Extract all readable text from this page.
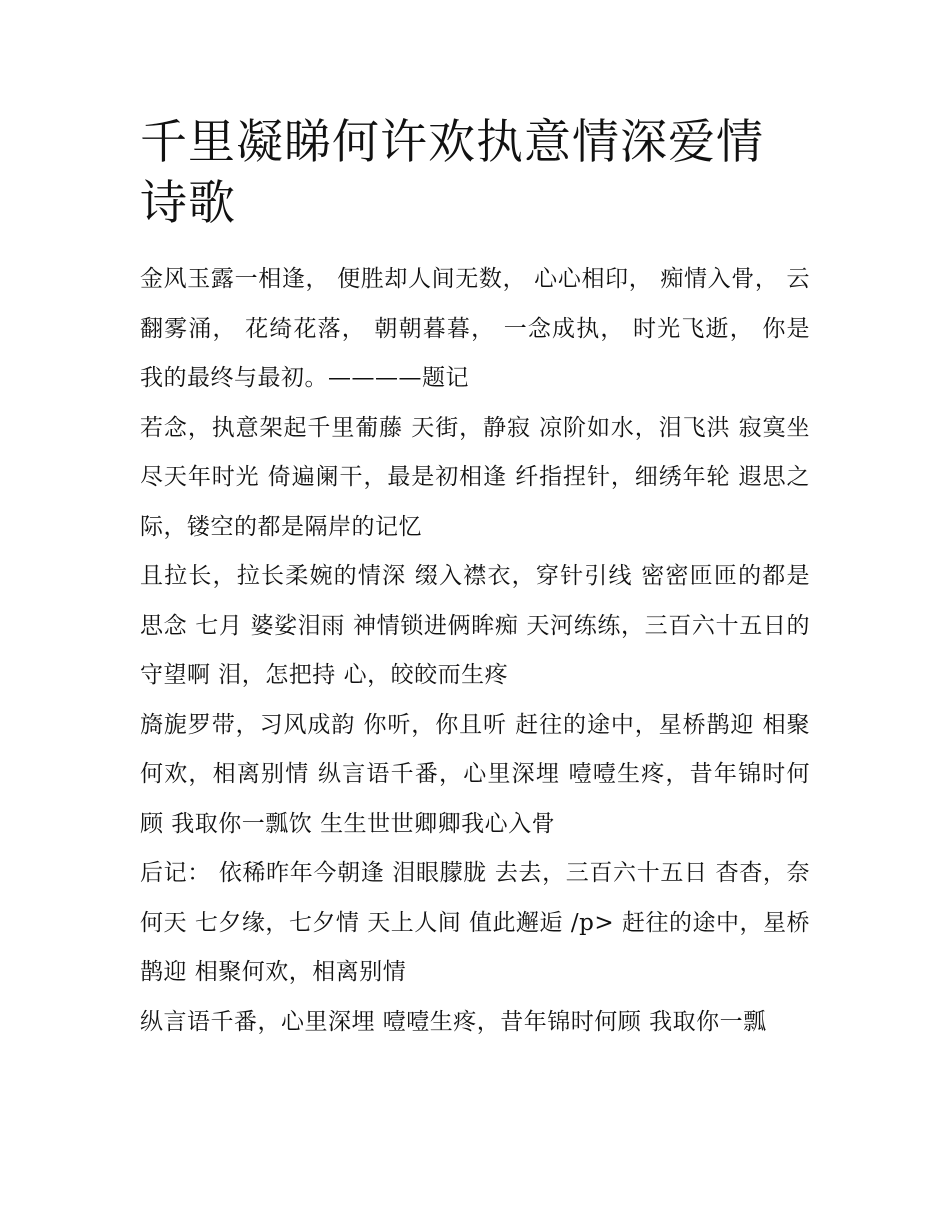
千里凝睇何许欢执意情深爱情诗歌

金风玉露一相逢， 便胜却人间无数， 心心相印， 痴情入骨， 云翻雾涌， 花绮花落， 朝朝暮暮， 一念成执， 时光飞逝， 你是我的最终与最初。————题记

若念，执意架起千里葡藤 天街，静寂 凉阶如水，泪飞洪 寂寞坐尽天年时光 倚遍阑干，最是初相逢 纤指捏针，细绣年轮 遐思之际，镂空的都是隔岸的记忆

且拉长，拉长柔婉的情深 缀入襟衣，穿针引线 密密匝匝的都是思念 七月 婆娑泪雨 神情锁进俩眸痴 天河练练，三百六十五日的守望啊 泪，怎把持 心，皎皎而生疼

旖旎罗带，习风成韵 你听，你且听 赶往的途中，星桥鹊迎 相聚何欢，相离别情 纵言语千番，心里深埋 噎噎生疼，昔年锦时何顾 我取你一瓢饮 生生世世卿卿我心入骨

后记： 依稀昨年今朝逢 泪眼朦胧 去去，三百六十五日 杳杳，奈何天 七夕缘，七夕情 天上人间 值此邂逅 /p> 赶往的途中，星桥鹊迎 相聚何欢，相离别情

纵言语千番，心里深埋 噎噎生疼，昔年锦时何顾 我取你一瓢
